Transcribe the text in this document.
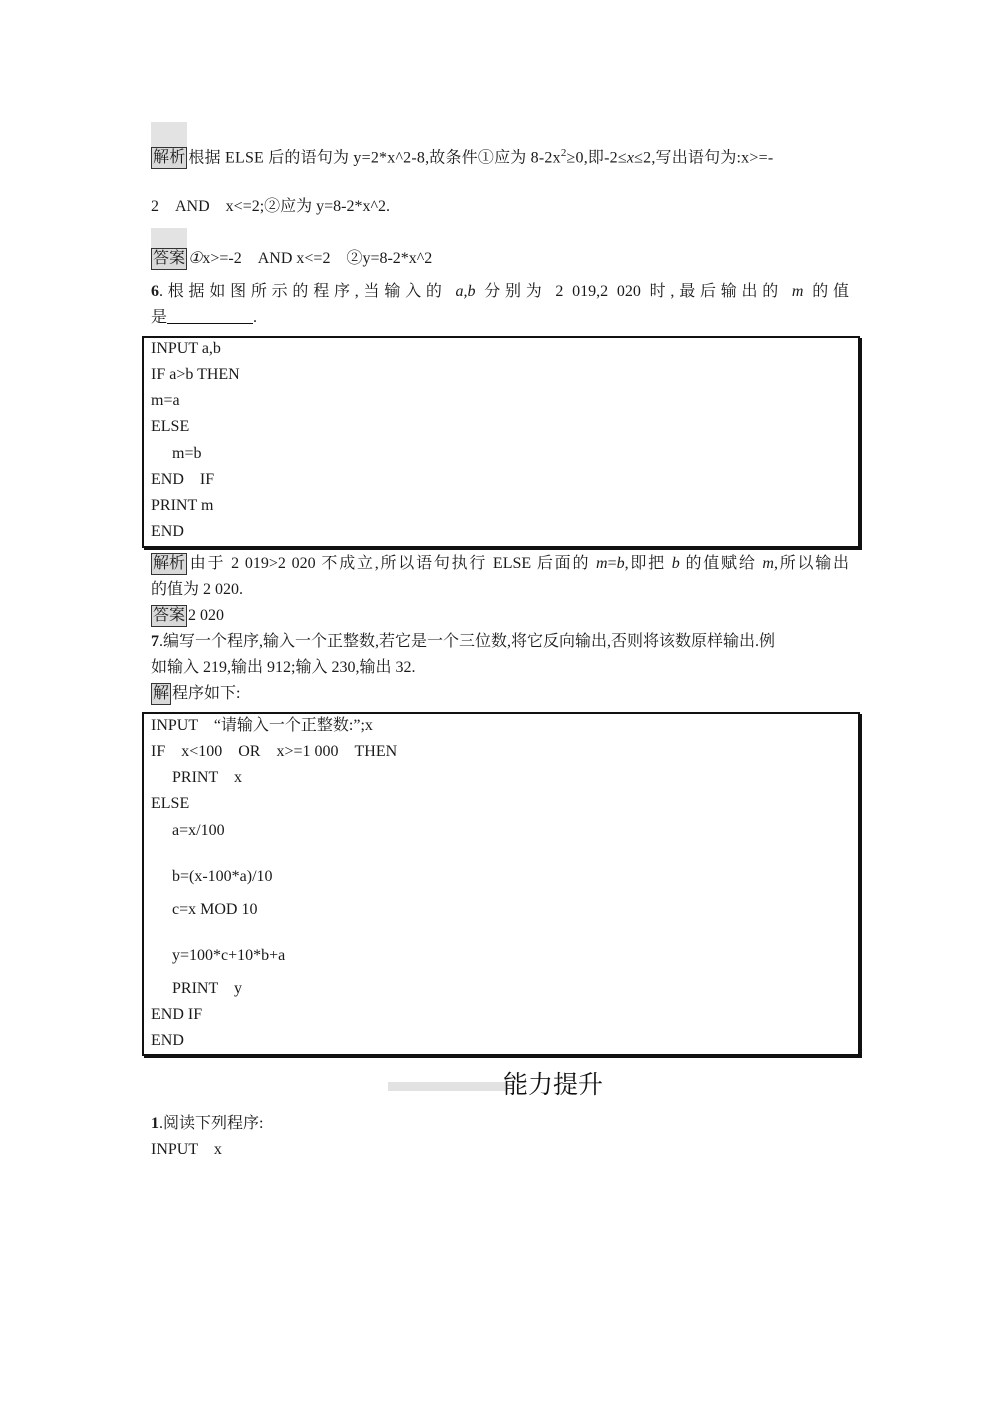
解析 根据 ELSE 后的语句为 y=2*x^2-8,故条件①应为 $8-2x^2\ge 0$,即-2≤x≤2,写出语句为:x>=-
2　AND　x<=2;②应为 y=8-2*x^2.
答案 ①x>=-2　AND x<=2　②y=8-2*x^2
6.根据如图所示的程序,当输入的 a,b 分别为 2 019,2 020 时,最后输出的 m 的值
是	.
INPUT a,b
IF a>b THEN
m=a
ELSE
m=b
END　IF
PRINT m
END
解析 由于 2 019>2 020 不成立,所以语句执行 ELSE 后面的 m=b,即把 b 的值赋给 m,所以输出
的值为 2 020.
答案 2 020
7.编写一个程序,输入一个正整数,若它是一个三位数,将它反向输出,否则将该数原样输出.例
如输入 219,输出 912;输入 230,输出 32.
解 程序如下:
INPUT　“请输入一个正整数:”;x
IF　x<100　OR　x>=1 000　THEN
PRINT　x
ELSE
a=x/100
b=(x-100*a)/10
c=x MOD 10
y=100*c+10*b+a
PRINT　y
END IF
END
能力提升
1.阅读下列程序:
INPUT　x
